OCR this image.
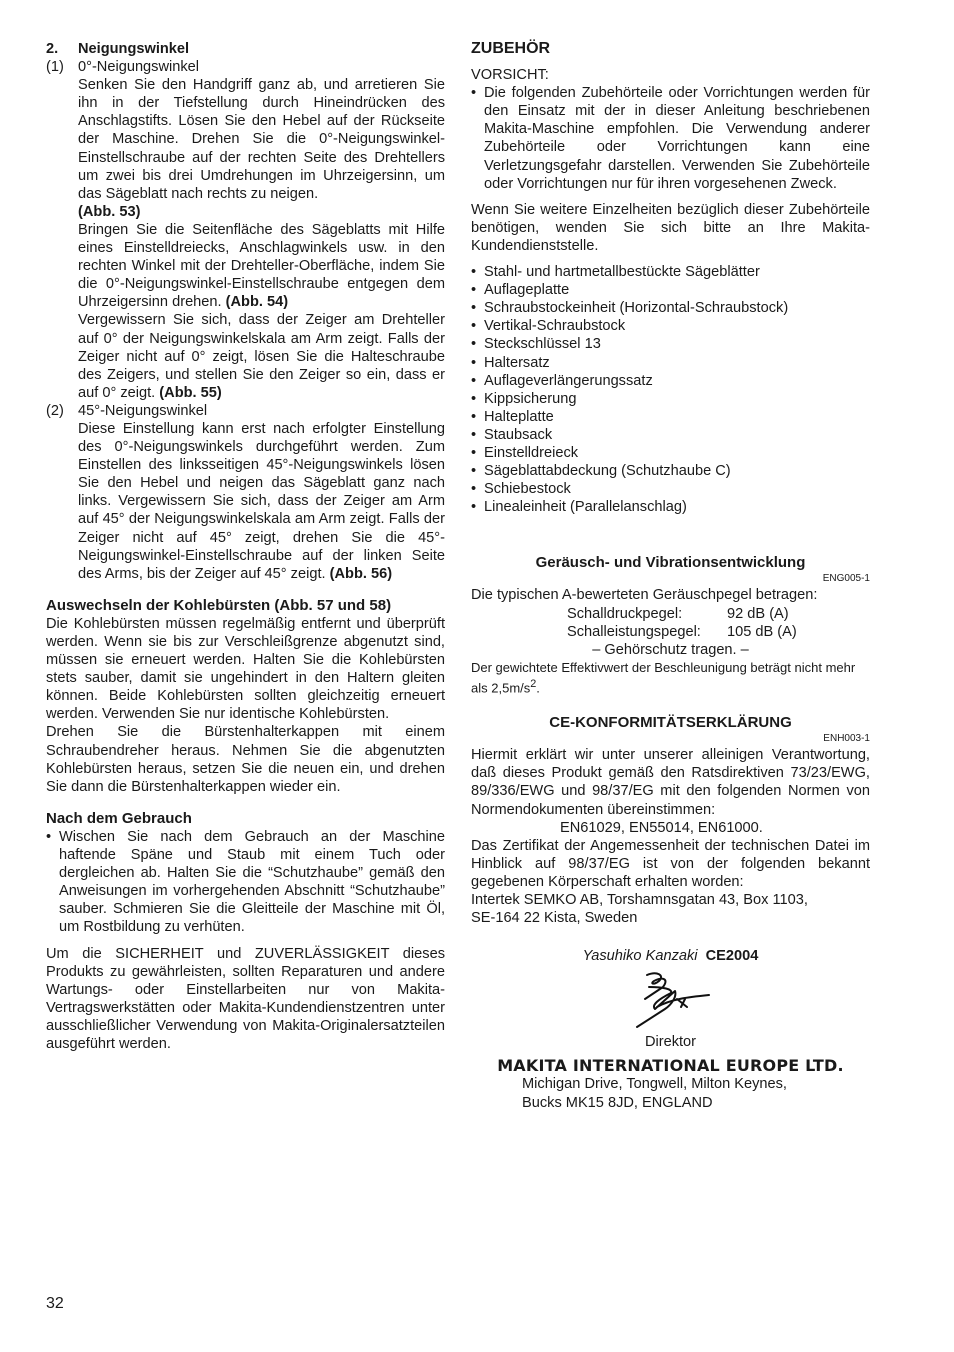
2.	Neigungswinkel
(1) 0°-Neigungswinkel

Senken Sie den Handgriff ganz ab, und arretieren Sie ihn in der Tiefstellung durch Hineindrücken des Anschlagstifts. Lösen Sie den Hebel auf der Rückseite der Maschine. Drehen Sie die 0°-Neigungswinkel-Einstellschraube auf der rechten Seite des Drehtellers um zwei bis drei Umdrehungen im Uhrzeigersinn, um das Sägeblatt nach rechts zu neigen.
(Abb. 53)

Bringen Sie die Seitenfläche des Sägeblatts mit Hilfe eines Einstelldreiecks, Anschlagwinkels usw. in den rechten Winkel mit der Drehteller-Oberfläche, indem Sie die 0°-Neigungswinkel-Einstellschraube entgegen dem Uhrzeigersinn drehen. (Abb. 54)

Vergewissern Sie sich, dass der Zeiger am Drehteller auf 0° der Neigungswinkelskala am Arm zeigt. Falls der Zeiger nicht auf 0° zeigt, lösen Sie die Halteschraube des Zeigers, und stellen Sie den Zeiger so ein, dass er auf 0° zeigt. (Abb. 55)

(2) 45°-Neigungswinkel

Diese Einstellung kann erst nach erfolgter Einstellung des 0°-Neigungswinkels durchgeführt werden. Zum Einstellen des linksseitigen 45°-Neigungswinkels lösen Sie den Hebel und neigen das Sägeblatt ganz nach links. Vergewissern Sie sich, dass der Zeiger am Arm auf 45° der Neigungswinkelskala am Arm zeigt. Falls der Zeiger nicht auf 45° zeigt, drehen Sie die 45°-Neigungswinkel-Einstellschraube auf der linken Seite des Arms, bis der Zeiger auf 45° zeigt. (Abb. 56)

Auswechseln der Kohlebürsten (Abb. 57 und 58)

Die Kohlebürsten müssen regelmäßig entfernt und überprüft werden. Wenn sie bis zur Verschleißgrenze abgenutzt sind, müssen sie erneuert werden. Halten Sie die Kohlebürsten stets sauber, damit sie ungehindert in den Haltern gleiten können. Beide Kohlebürsten sollten gleichzeitig erneuert werden. Verwenden Sie nur identische Kohlebürsten.

Drehen Sie die Bürstenhalterkappen mit einem Schraubendreher heraus. Nehmen Sie die abgenutzten Kohlebürsten heraus, setzen Sie die neuen ein, und drehen Sie dann die Bürstenhalterkappen wieder ein.

Nach dem Gebrauch

• Wischen Sie nach dem Gebrauch an der Maschine haftende Späne und Staub mit einem Tuch oder dergleichen ab. Halten Sie die “Schutzhaube” gemäß den Anweisungen im vorhergehenden Abschnitt “Schutzhaube” sauber. Schmieren Sie die Gleitteile der Maschine mit Öl, um Rostbildung zu verhüten.

Um die SICHERHEIT und ZUVERLÄSSIGKEIT dieses Produkts zu gewährleisten, sollten Reparaturen und andere Wartungs- oder Einstellarbeiten nur von Makita-Vertragswerkstätten oder Makita-Kundendienstzentren unter ausschließlicher Verwendung von Makita-Originalersatzteilen ausgeführt werden.

ZUBEHÖR

VORSICHT:

• Die folgenden Zubehörteile oder Vorrichtungen werden für den Einsatz mit der in dieser Anleitung beschriebenen Makita-Maschine empfohlen. Die Verwendung anderer Zubehörteile oder Vorrichtungen kann eine Verletzungsgefahr darstellen. Verwenden Sie Zubehörteile oder Vorrichtungen nur für ihren vorgesehenen Zweck.

Wenn Sie weitere Einzelheiten bezüglich dieser Zubehörteile benötigen, wenden Sie sich bitte an Ihre Makita-Kundendienststelle.

• Stahl- und hartmetallbestückte Sägeblätter
• Auflageplatte
• Schraubstockeinheit (Horizontal-Schraubstock)
• Vertikal-Schraubstock
• Steckschlüssel 13
• Haltersatz
• Auflageverlängerungssatz
• Kippsicherung
• Halteplatte
• Staubsack
• Einstelldreieck
• Sägeblattabdeckung (Schutzhaube C)
• Schiebestock
• Linealeinheit (Parallelanschlag)

Geräusch- und Vibrationsentwicklung

ENG005-1

Die typischen A-bewerteten Geräuschpegel betragen:

Schalldruckpegel:	92 dB (A)
Schalleistungspegel:	105 dB (A)

– Gehörschutz tragen. –

Der gewichtete Effektivwert der Beschleunigung beträgt nicht mehr als $2,5m/s^2$.

CE-KONFORMITÄTSERKLÄRUNG

ENH003-1

Hiermit erklärt wir unter unserer alleinigen Verantwortung, daß dieses Produkt gemäß den Ratsdirektiven 73/23/EWG, 89/336/EWG und 98/37/EG mit den folgenden Normen von Normendokumenten übereinstimmen:

EN61029, EN55014, EN61000.

Das Zertifikat der Angemessenheit der technischen Datei im Hinblick auf 98/37/EG ist von der folgenden bekannt gegebenen Körperschaft erhalten worden:

Intertek SEMKO AB, Torshamnsgatan 43, Box 1103,

SE-164 22 Kista, Sweden

Yasuhiko Kanzaki CE2004

Direktor

MAKITA INTERNATIONAL EUROPE LTD.

Michigan Drive, Tongwell, Milton Keynes,

Bucks MK15 8JD, ENGLAND

32
